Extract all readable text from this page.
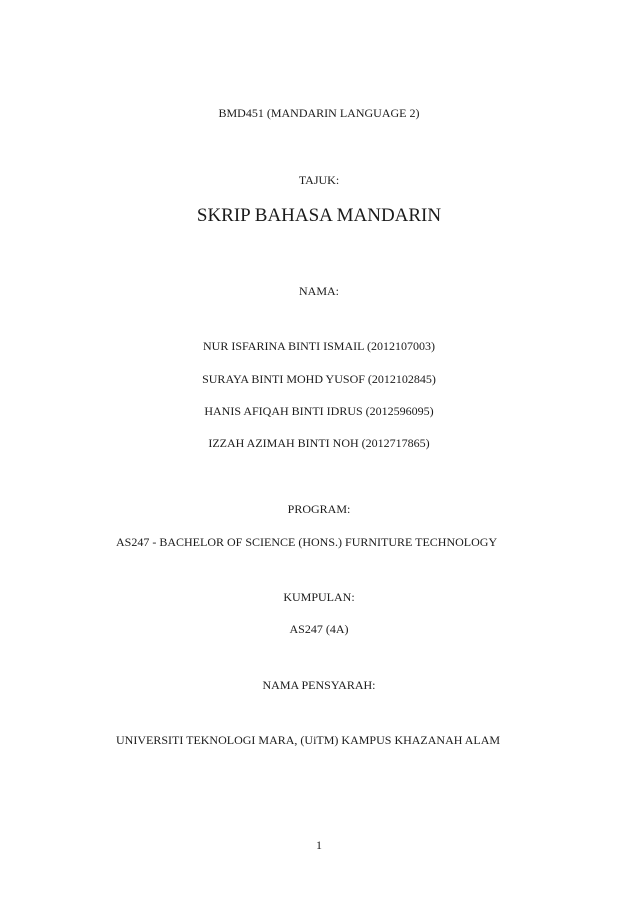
BMD451 (MANDARIN LANGUAGE 2)
TAJUK:
SKRIP BAHASA MANDARIN
NAMA:
NUR ISFARINA BINTI ISMAIL (2012107003)
SURAYA BINTI MOHD YUSOF (2012102845)
HANIS AFIQAH BINTI IDRUS (2012596095)
IZZAH AZIMAH BINTI NOH (2012717865)
PROGRAM:
AS247 - BACHELOR OF SCIENCE (HONS.) FURNITURE TECHNOLOGY
KUMPULAN:
AS247 (4A)
NAMA PENSYARAH:
UNIVERSITI TEKNOLOGI MARA, (UiTM) KAMPUS KHAZANAH ALAM
1
